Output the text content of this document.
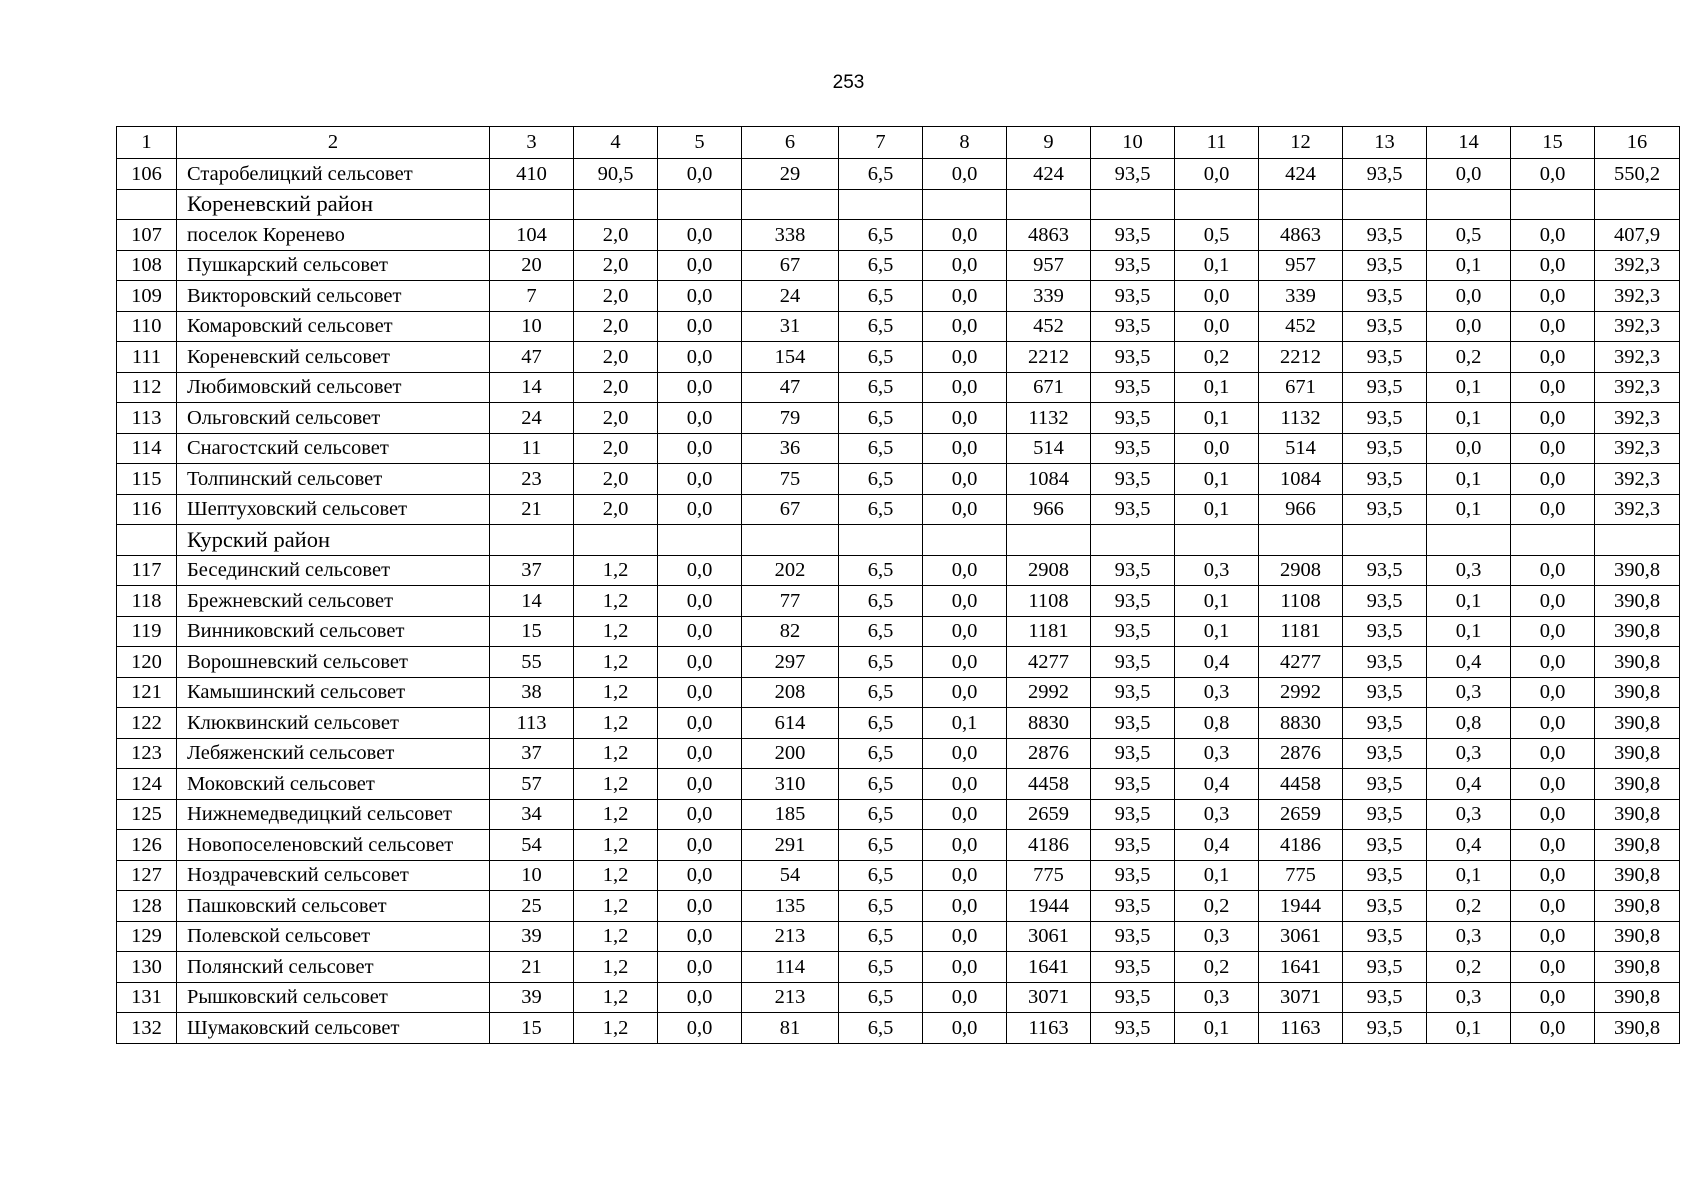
253
1	2	3	4	5	6	7	8	9	10	11	12	13	14	15	16
106	Старобелицкий сельсовет	410	90,5	0,0	29	6,5	0,0	424	93,5	0,0	424	93,5	0,0	0,0	550,2
	Кореневский район														
107	поселок Коренево	104	2,0	0,0	338	6,5	0,0	4863	93,5	0,5	4863	93,5	0,5	0,0	407,9
108	Пушкарский сельсовет	20	2,0	0,0	67	6,5	0,0	957	93,5	0,1	957	93,5	0,1	0,0	392,3
109	Викторовский сельсовет	7	2,0	0,0	24	6,5	0,0	339	93,5	0,0	339	93,5	0,0	0,0	392,3
110	Комаровский сельсовет	10	2,0	0,0	31	6,5	0,0	452	93,5	0,0	452	93,5	0,0	0,0	392,3
111	Кореневский сельсовет	47	2,0	0,0	154	6,5	0,0	2212	93,5	0,2	2212	93,5	0,2	0,0	392,3
112	Любимовский сельсовет	14	2,0	0,0	47	6,5	0,0	671	93,5	0,1	671	93,5	0,1	0,0	392,3
113	Ольговский сельсовет	24	2,0	0,0	79	6,5	0,0	1132	93,5	0,1	1132	93,5	0,1	0,0	392,3
114	Снагостский сельсовет	11	2,0	0,0	36	6,5	0,0	514	93,5	0,0	514	93,5	0,0	0,0	392,3
115	Толпинский сельсовет	23	2,0	0,0	75	6,5	0,0	1084	93,5	0,1	1084	93,5	0,1	0,0	392,3
116	Шептуховский сельсовет	21	2,0	0,0	67	6,5	0,0	966	93,5	0,1	966	93,5	0,1	0,0	392,3
	Курский район														
117	Бесединский сельсовет	37	1,2	0,0	202	6,5	0,0	2908	93,5	0,3	2908	93,5	0,3	0,0	390,8
118	Брежневский сельсовет	14	1,2	0,0	77	6,5	0,0	1108	93,5	0,1	1108	93,5	0,1	0,0	390,8
119	Винниковский сельсовет	15	1,2	0,0	82	6,5	0,0	1181	93,5	0,1	1181	93,5	0,1	0,0	390,8
120	Ворошневский сельсовет	55	1,2	0,0	297	6,5	0,0	4277	93,5	0,4	4277	93,5	0,4	0,0	390,8
121	Камышинский сельсовет	38	1,2	0,0	208	6,5	0,0	2992	93,5	0,3	2992	93,5	0,3	0,0	390,8
122	Клюквинский сельсовет	113	1,2	0,0	614	6,5	0,1	8830	93,5	0,8	8830	93,5	0,8	0,0	390,8
123	Лебяженский сельсовет	37	1,2	0,0	200	6,5	0,0	2876	93,5	0,3	2876	93,5	0,3	0,0	390,8
124	Моковский сельсовет	57	1,2	0,0	310	6,5	0,0	4458	93,5	0,4	4458	93,5	0,4	0,0	390,8
125	Нижнемедведицкий сельсовет	34	1,2	0,0	185	6,5	0,0	2659	93,5	0,3	2659	93,5	0,3	0,0	390,8
126	Новопоселеновский сельсовет	54	1,2	0,0	291	6,5	0,0	4186	93,5	0,4	4186	93,5	0,4	0,0	390,8
127	Ноздрачевский сельсовет	10	1,2	0,0	54	6,5	0,0	775	93,5	0,1	775	93,5	0,1	0,0	390,8
128	Пашковский сельсовет	25	1,2	0,0	135	6,5	0,0	1944	93,5	0,2	1944	93,5	0,2	0,0	390,8
129	Полевской сельсовет	39	1,2	0,0	213	6,5	0,0	3061	93,5	0,3	3061	93,5	0,3	0,0	390,8
130	Полянский сельсовет	21	1,2	0,0	114	6,5	0,0	1641	93,5	0,2	1641	93,5	0,2	0,0	390,8
131	Рышковский сельсовет	39	1,2	0,0	213	6,5	0,0	3071	93,5	0,3	3071	93,5	0,3	0,0	390,8
132	Шумаковский сельсовет	15	1,2	0,0	81	6,5	0,0	1163	93,5	0,1	1163	93,5	0,1	0,0	390,8
